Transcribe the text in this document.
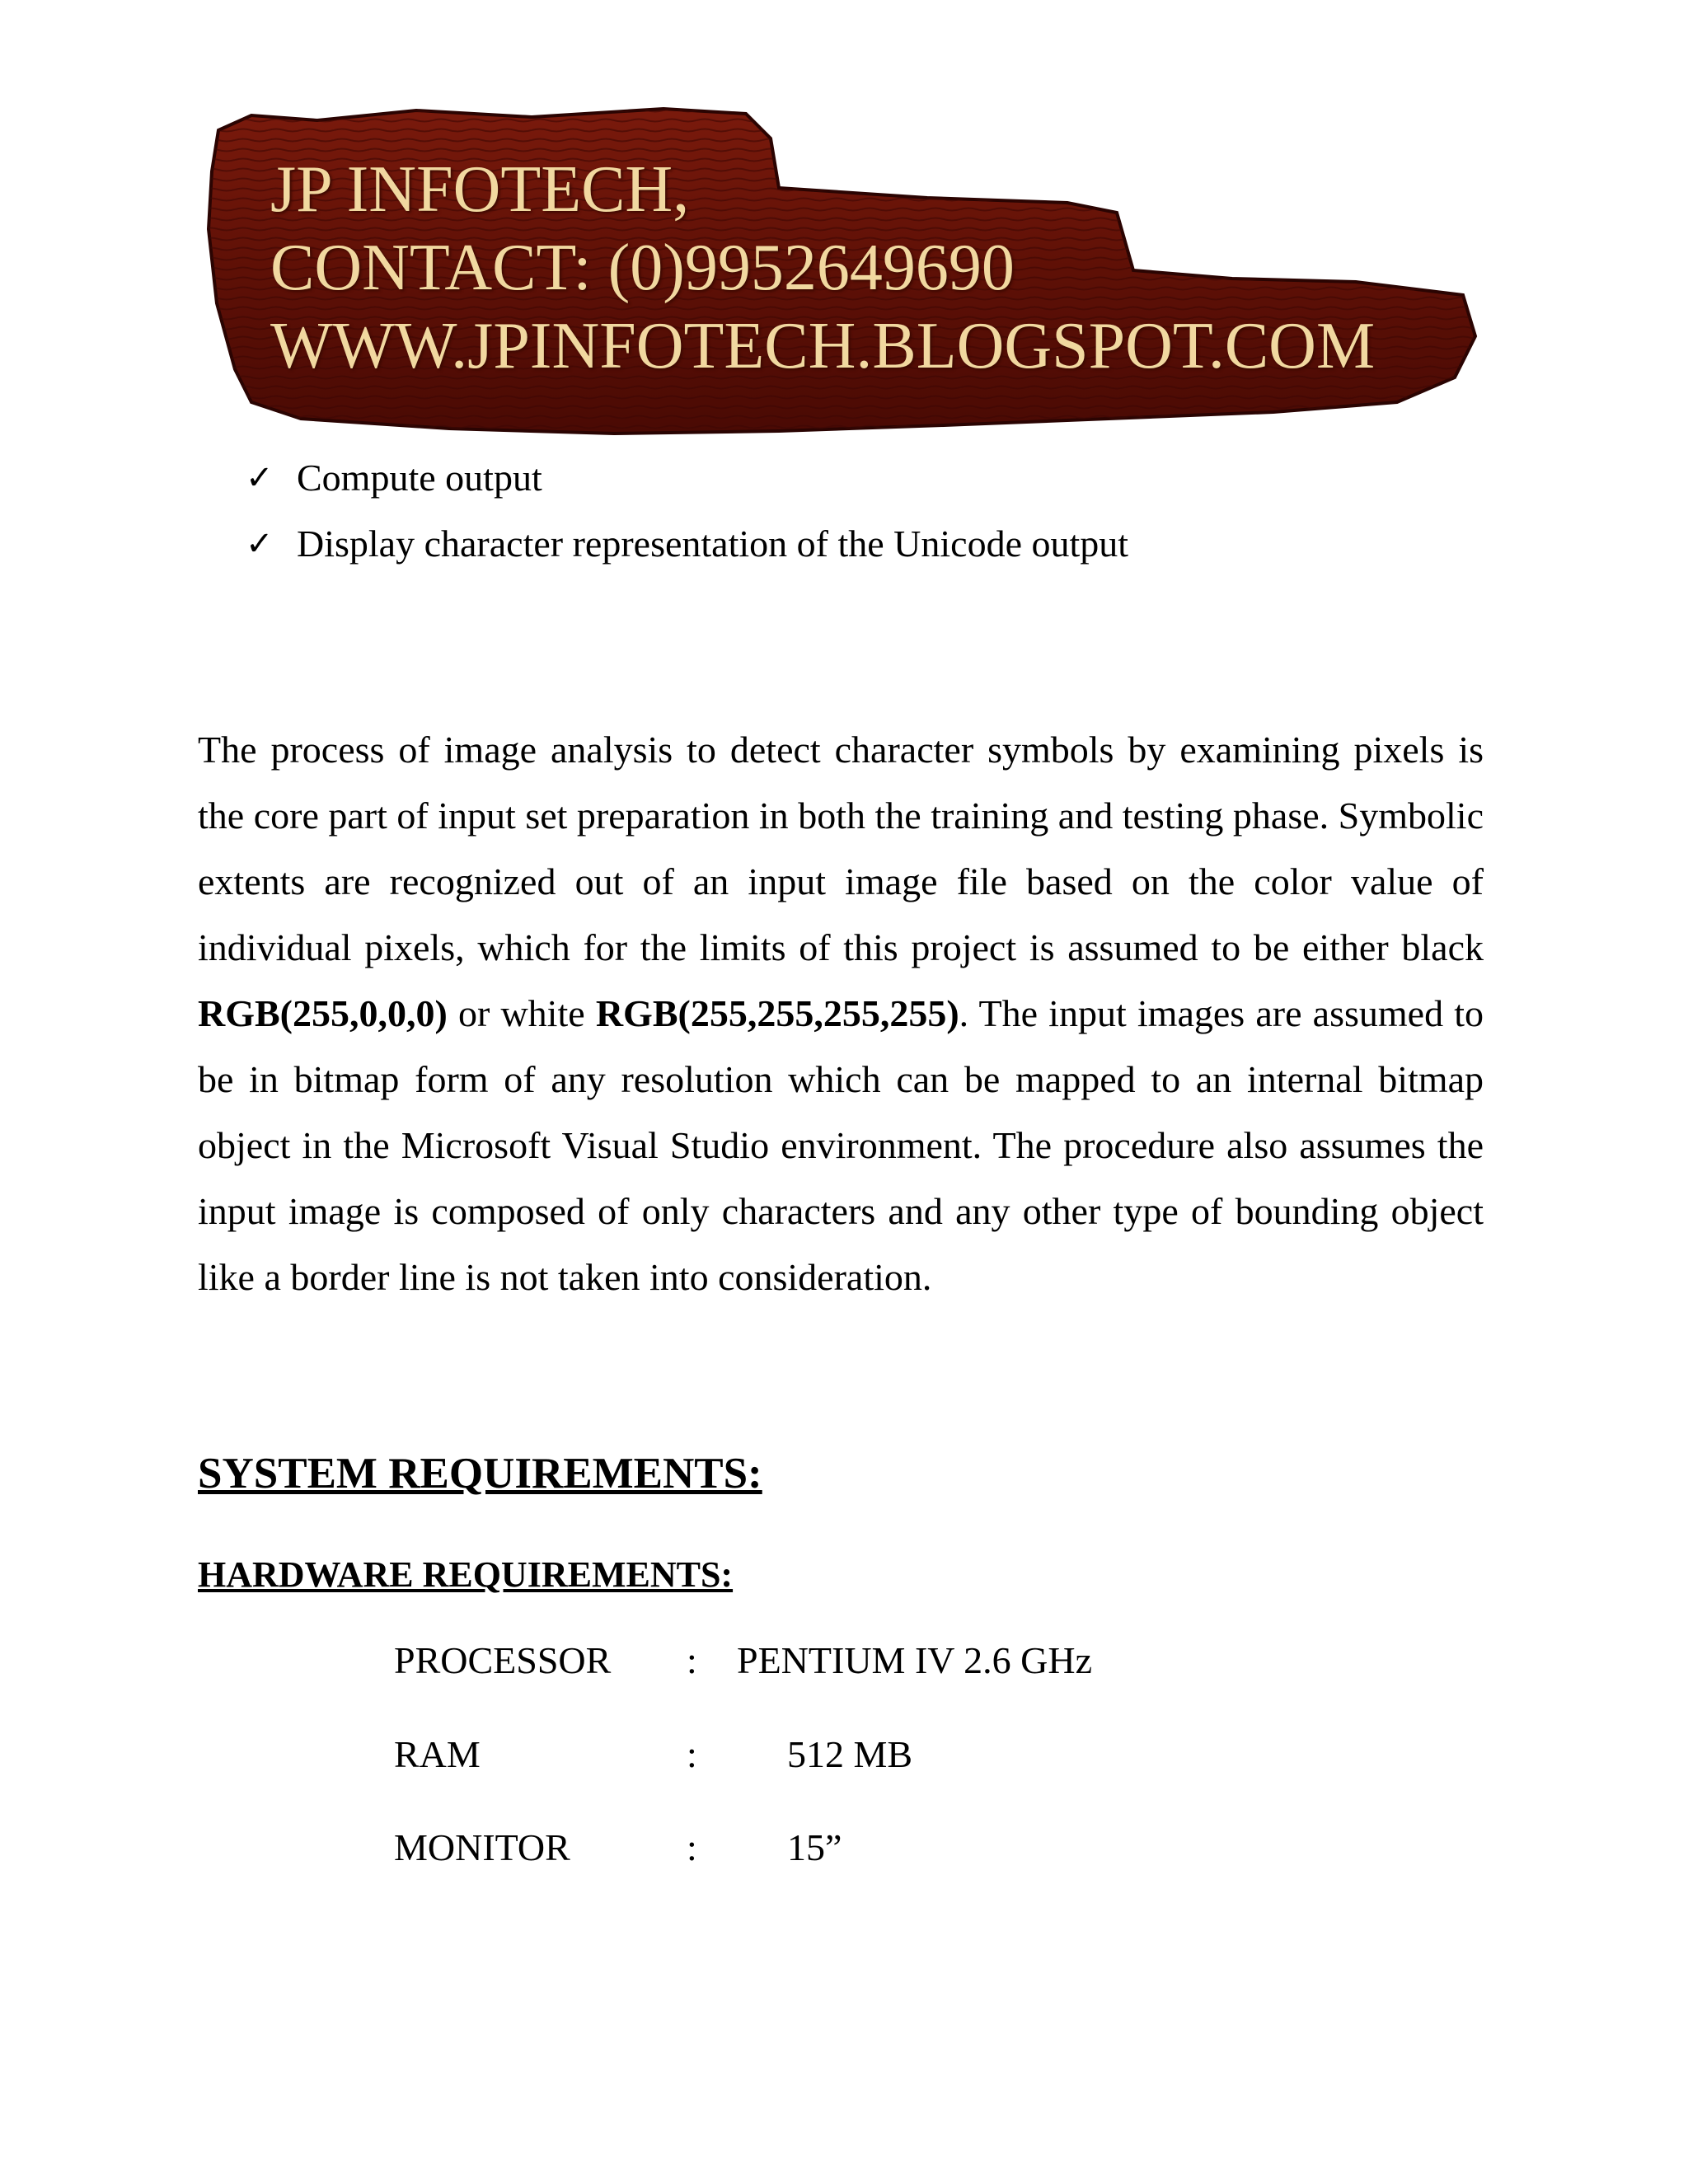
JP INFOTECH,
CONTACT: (0)9952649690
WWW.JPINFOTECH.BLOGSPOT.COM
✓ Compute output
✓ Display character representation of the Unicode output

The process of image analysis to detect character symbols by examining pixels is the core part of input set preparation in both the training and testing phase. Symbolic extents are recognized out of an input image file based on the color value of individual pixels, which for the limits of this project is assumed to be either black RGB(255,0,0,0) or white RGB(255,255,255,255). The input images are assumed to be in bitmap form of any resolution which can be mapped to an internal bitmap object in the Microsoft Visual Studio environment. The procedure also assumes the input image is composed of only characters and any other type of bounding object like a border line is not taken into consideration.

SYSTEM REQUIREMENTS:
HARDWARE REQUIREMENTS:
PROCESSOR : PENTIUM IV 2.6 GHz
RAM	: 512 MB
MONITOR	: 15”
